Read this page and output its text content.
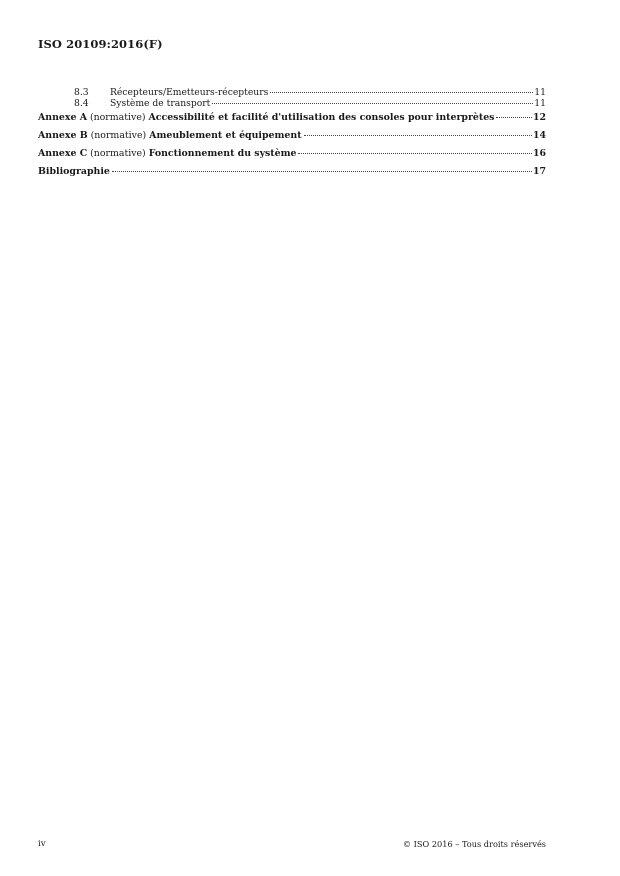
ISO 20109:2016(F)
8.3	Récepteurs/Emetteurs-récepteurs	11
8.4	Système de transport	11
Annexe A (normative) Accessibilité et facilité d'utilisation des consoles pour interprètes	12
Annexe B (normative) Ameublement et équipement	14
Annexe C (normative) Fonctionnement du système	16
Bibliographie	17
iv	© ISO 2016 – Tous droits réservés
